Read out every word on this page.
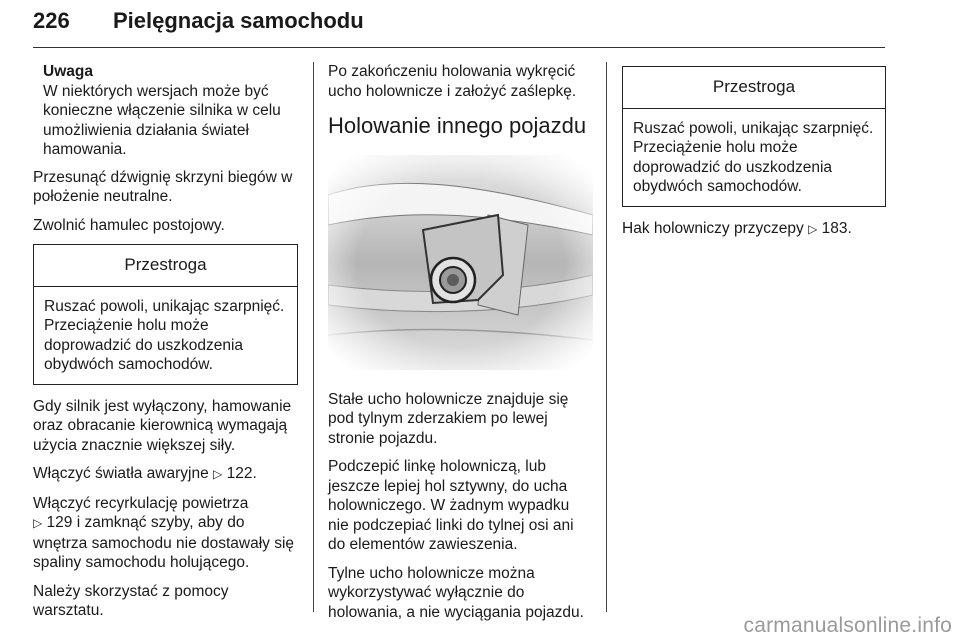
226 Pielęgnacja samochodu
Uwaga
W niektórych wersjach może być konieczne włączenie silnika w celu umożliwienia działania świateł hamowania.

Przesunąć dźwignię skrzyni biegów w położenie neutralne.

Zwolnić hamulec postojowy.

Przestroga
Ruszać powoli, unikając szarpnięć. Przeciążenie holu może doprowadzić do uszkodzenia obydwóch samochodów.

Gdy silnik jest wyłączony, hamowanie oraz obracanie kierownicą wymagają użycia znacznie większej siły.

Włączyć światła awaryjne ▷ 122.

Włączyć recyrkulację powietrza
▷ 129 i zamknąć szyby, aby do wnętrza samochodu nie dostawały się spaliny samochodu holującego.

Należy skorzystać z pomocy warsztatu.

Po zakończeniu holowania wykręcić ucho holownicze i założyć zaślepkę.

Holowanie innego pojazdu

Stałe ucho holownicze znajduje się pod tylnym zderzakiem po lewej stronie pojazdu.

Podczepić linkę holowniczą, lub jeszcze lepiej hol sztywny, do ucha holowniczego. W żadnym wypadku nie podczepiać linki do tylnej osi ani do elementów zawieszenia.

Tylne ucho holownicze można wykorzystywać wyłącznie do holowania, a nie wyciągania pojazdu.

Przestroga
Ruszać powoli, unikając szarpnięć. Przeciążenie holu może doprowadzić do uszkodzenia obydwóch samochodów.

Hak holowniczy przyczepy ▷ 183.

carmanualsonline.info
